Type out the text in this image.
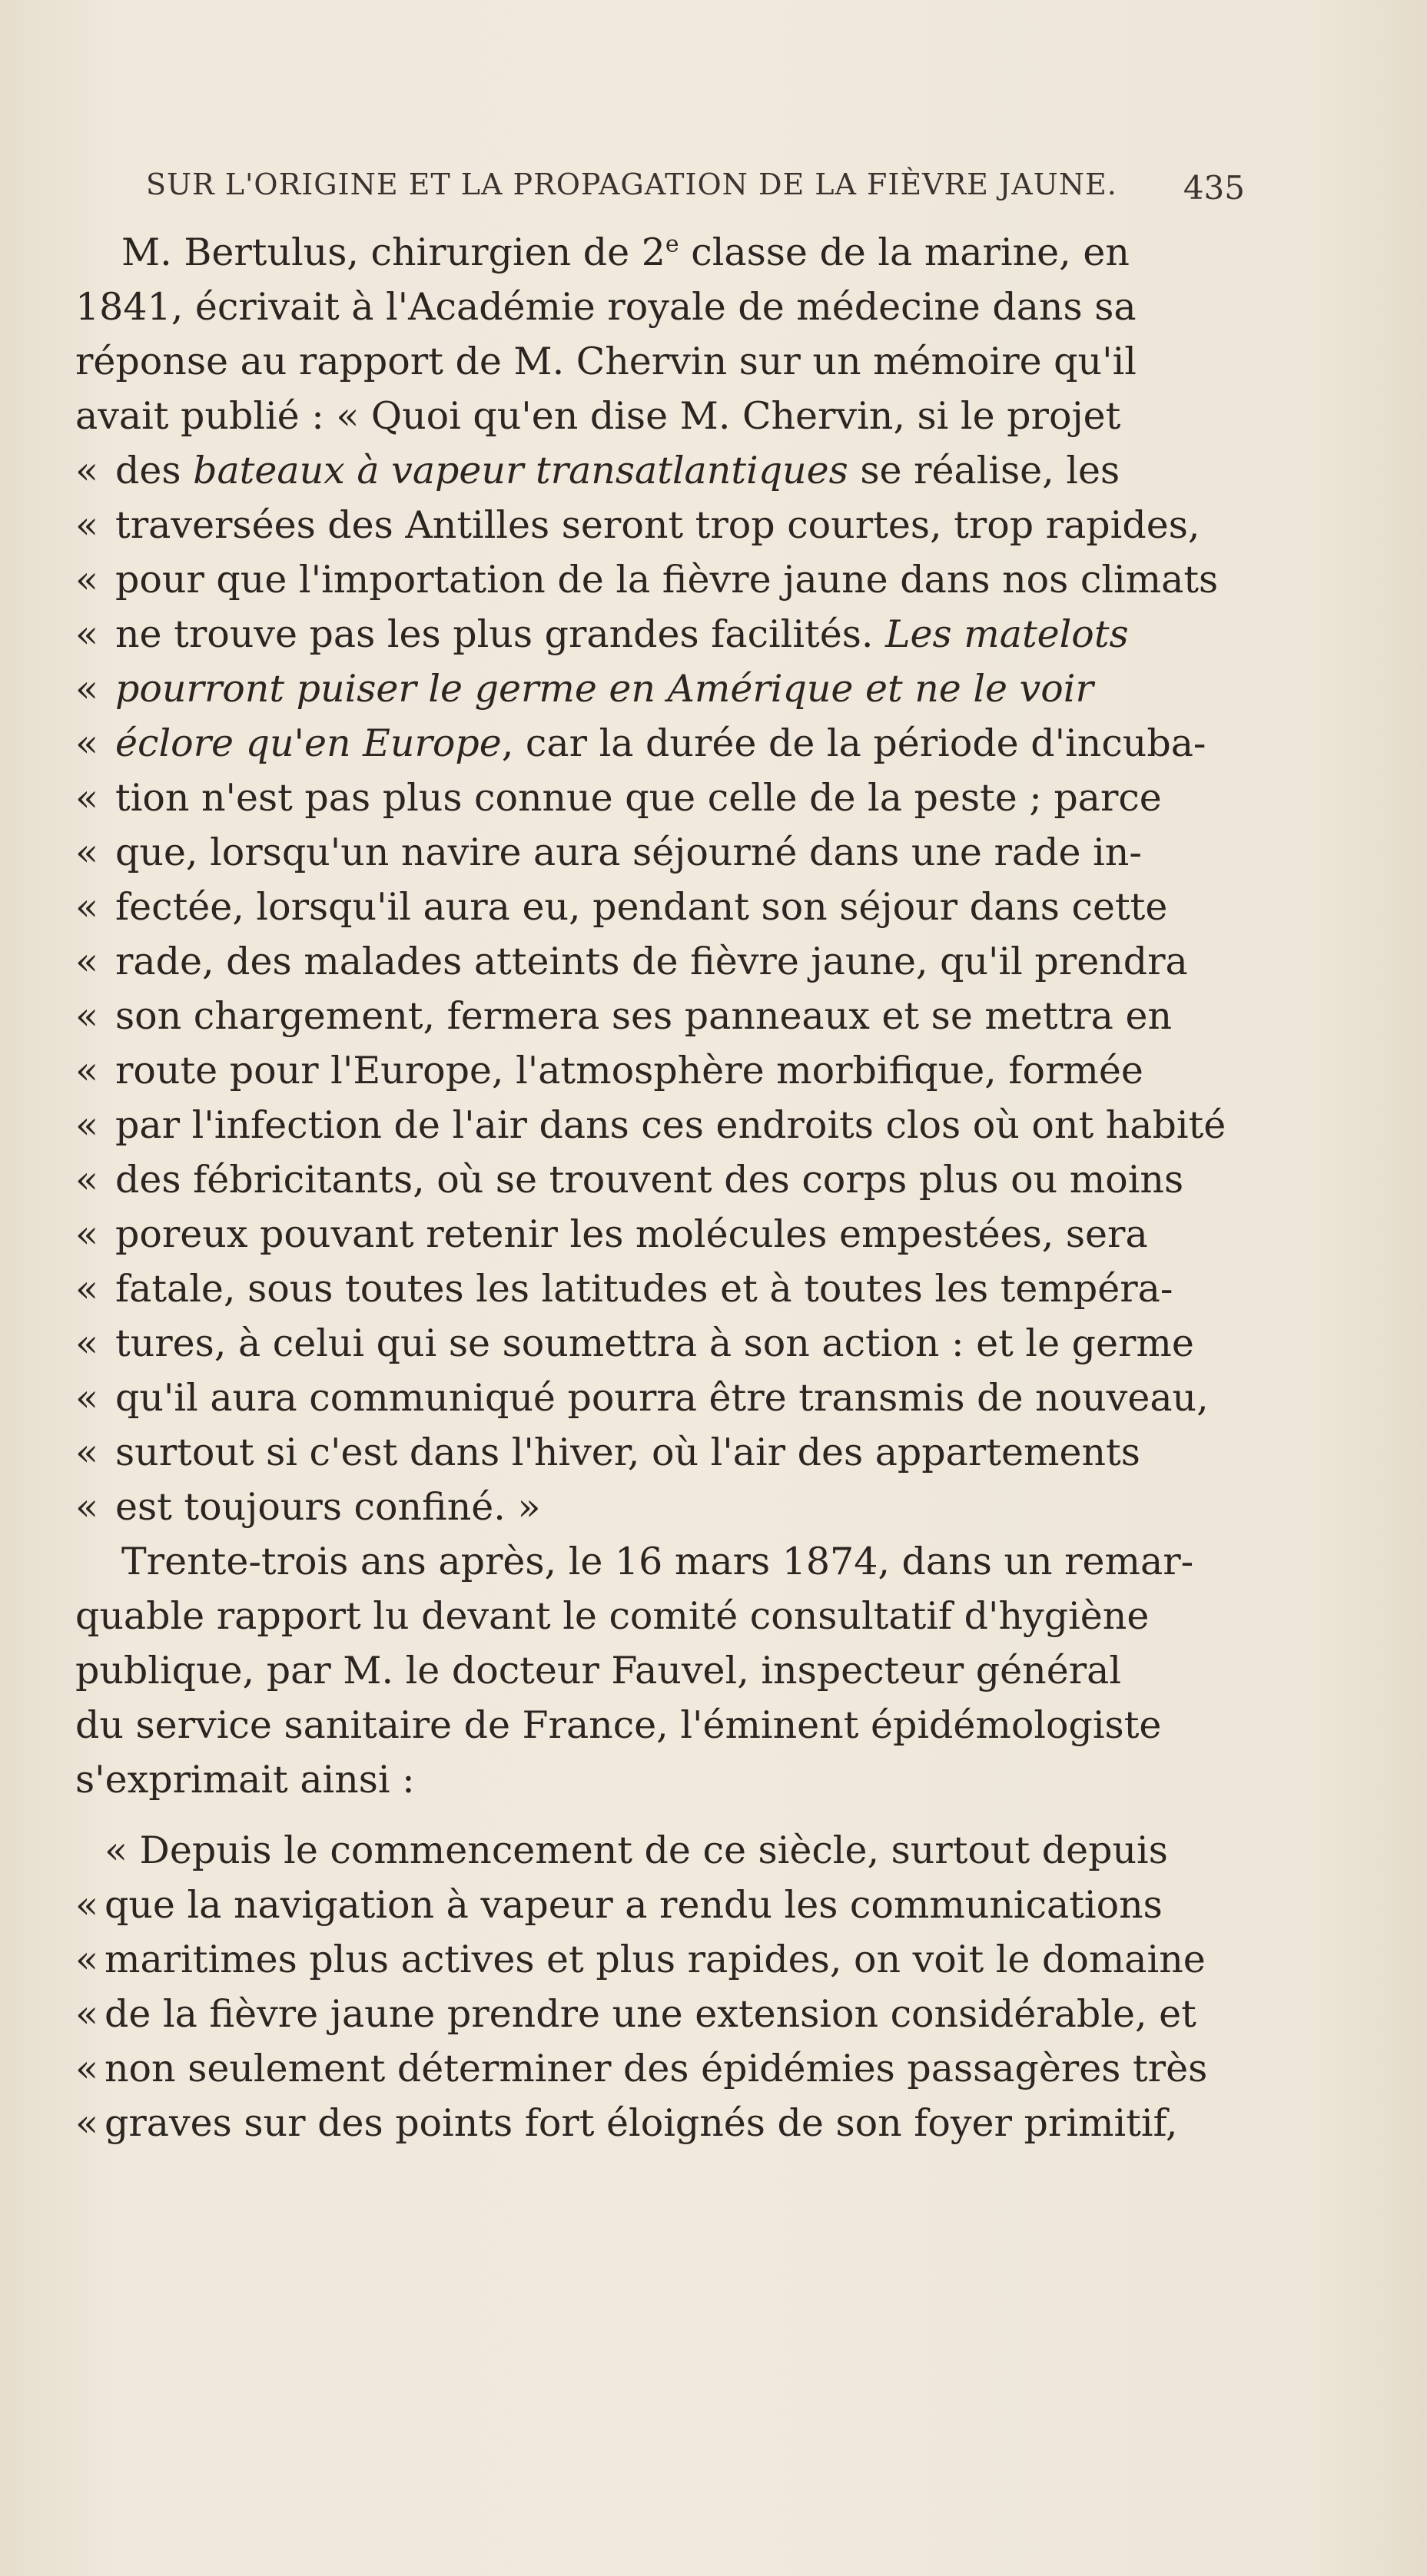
SUR L'ORIGINE ET LA PROPAGATION DE LA FIÈVRE JAUNE. 435
M. Bertulus, chirurgien de 2e classe de la marine, en
1841, écrivait à l'Académie royale de médecine dans sa
réponse au rapport de M. Chervin sur un mémoire qu'il
avait publié : « Quoi qu'en dise M. Chervin, si le projet
« des bateaux à vapeur transatlantiques se réalise, les
« traversées des Antilles seront trop courtes, trop rapides,
« pour que l'importation de la fièvre jaune dans nos climats
« ne trouve pas les plus grandes facilités. Les matelots
« pourront puiser le germe en Amérique et ne le voir
« éclore qu'en Europe, car la durée de la période d'incuba-
« tion n'est pas plus connue que celle de la peste ; parce
« que, lorsqu'un navire aura séjourné dans une rade in-
« fectée, lorsqu'il aura eu, pendant son séjour dans cette
« rade, des malades atteints de fièvre jaune, qu'il prendra
« son chargement, fermera ses panneaux et se mettra en
« route pour l'Europe, l'atmosphère morbifique, formée
« par l'infection de l'air dans ces endroits clos où ont habité
« des fébricitants, où se trouvent des corps plus ou moins
« poreux pouvant retenir les molécules empestées, sera
« fatale, sous toutes les latitudes et à toutes les tempéra-
« tures, à celui qui se soumettra à son action : et le germe
« qu'il aura communiqué pourra être transmis de nouveau,
« surtout si c'est dans l'hiver, où l'air des appartements
« est toujours confiné. »
Trente-trois ans après, le 16 mars 1874, dans un remar-
quable rapport lu devant le comité consultatif d'hygiène
publique, par M. le docteur Fauvel, inspecteur général
du service sanitaire de France, l'éminent épidémologiste
s'exprimait ainsi :
« Depuis le commencement de ce siècle, surtout depuis
« que la navigation à vapeur a rendu les communications
« maritimes plus actives et plus rapides, on voit le domaine
« de la fièvre jaune prendre une extension considérable, et
« non seulement déterminer des épidémies passagères très
« graves sur des points fort éloignés de son foyer primitif,
